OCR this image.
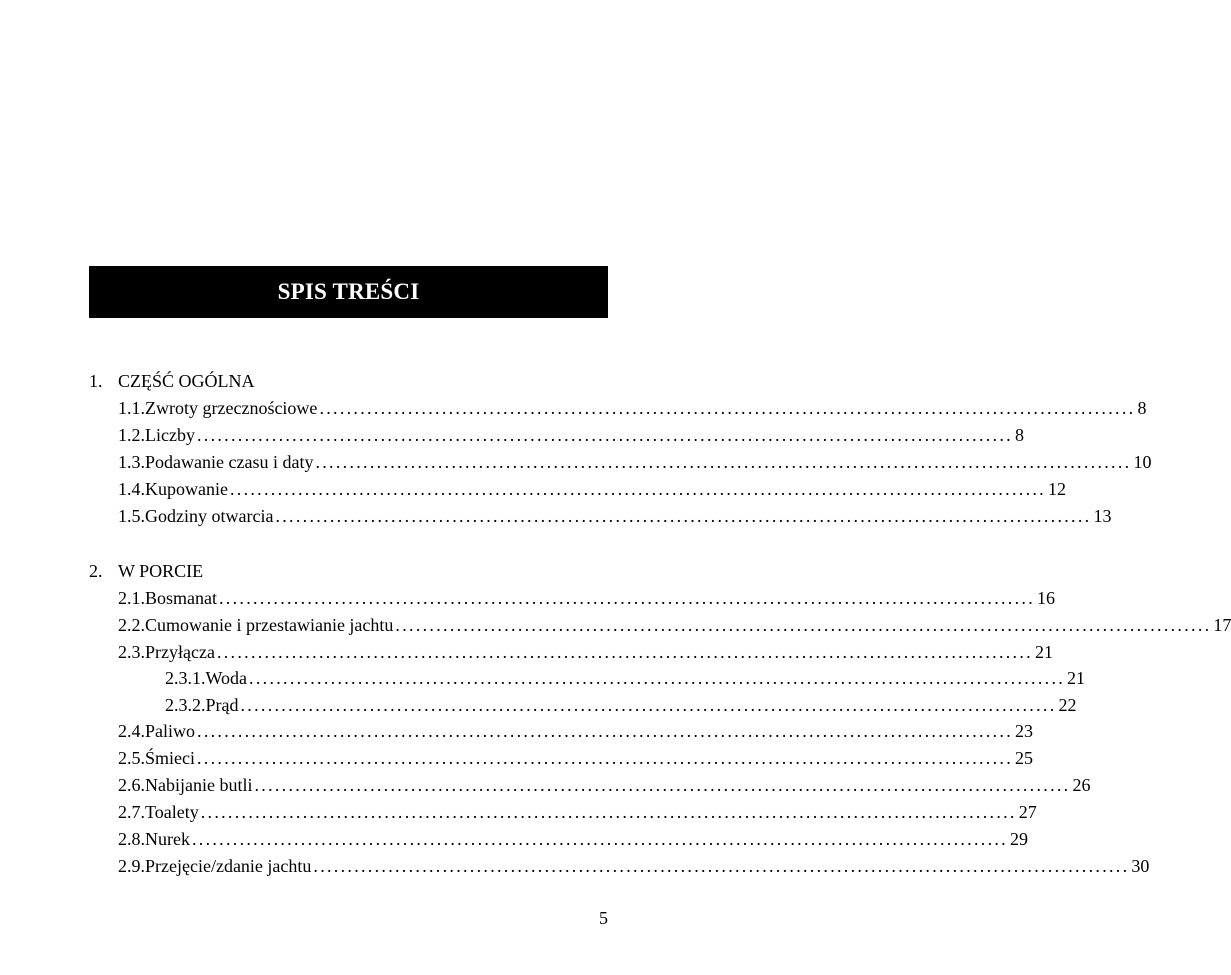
SPIS TREŚCI
1. CZĘŚĆ OGÓLNA
1.1. Zwroty grzecznościowe ........................................................................................................................ 8
1.2. Liczby ........................................................................................................................ 8
1.3. Podawanie czasu i daty ........................................................................................................................ 10
1.4. Kupowanie ........................................................................................................................ 12
1.5. Godziny otwarcia ........................................................................................................................ 13
2. W PORCIE
2.1. Bosmanat ........................................................................................................................ 16
2.2. Cumowanie i przestawianie jachtu ........................................................................................................................ 17
2.3. Przyłącza ........................................................................................................................ 21
2.3.1. Woda ........................................................................................................................ 21
2.3.2. Prąd ........................................................................................................................ 22
2.4. Paliwo ........................................................................................................................ 23
2.5. Śmieci ........................................................................................................................ 25
2.6. Nabijanie butli ........................................................................................................................ 26
2.7. Toalety ........................................................................................................................ 27
2.8. Nurek ........................................................................................................................ 29
2.9. Przejęcie/zdanie jachtu ........................................................................................................................ 30
5
